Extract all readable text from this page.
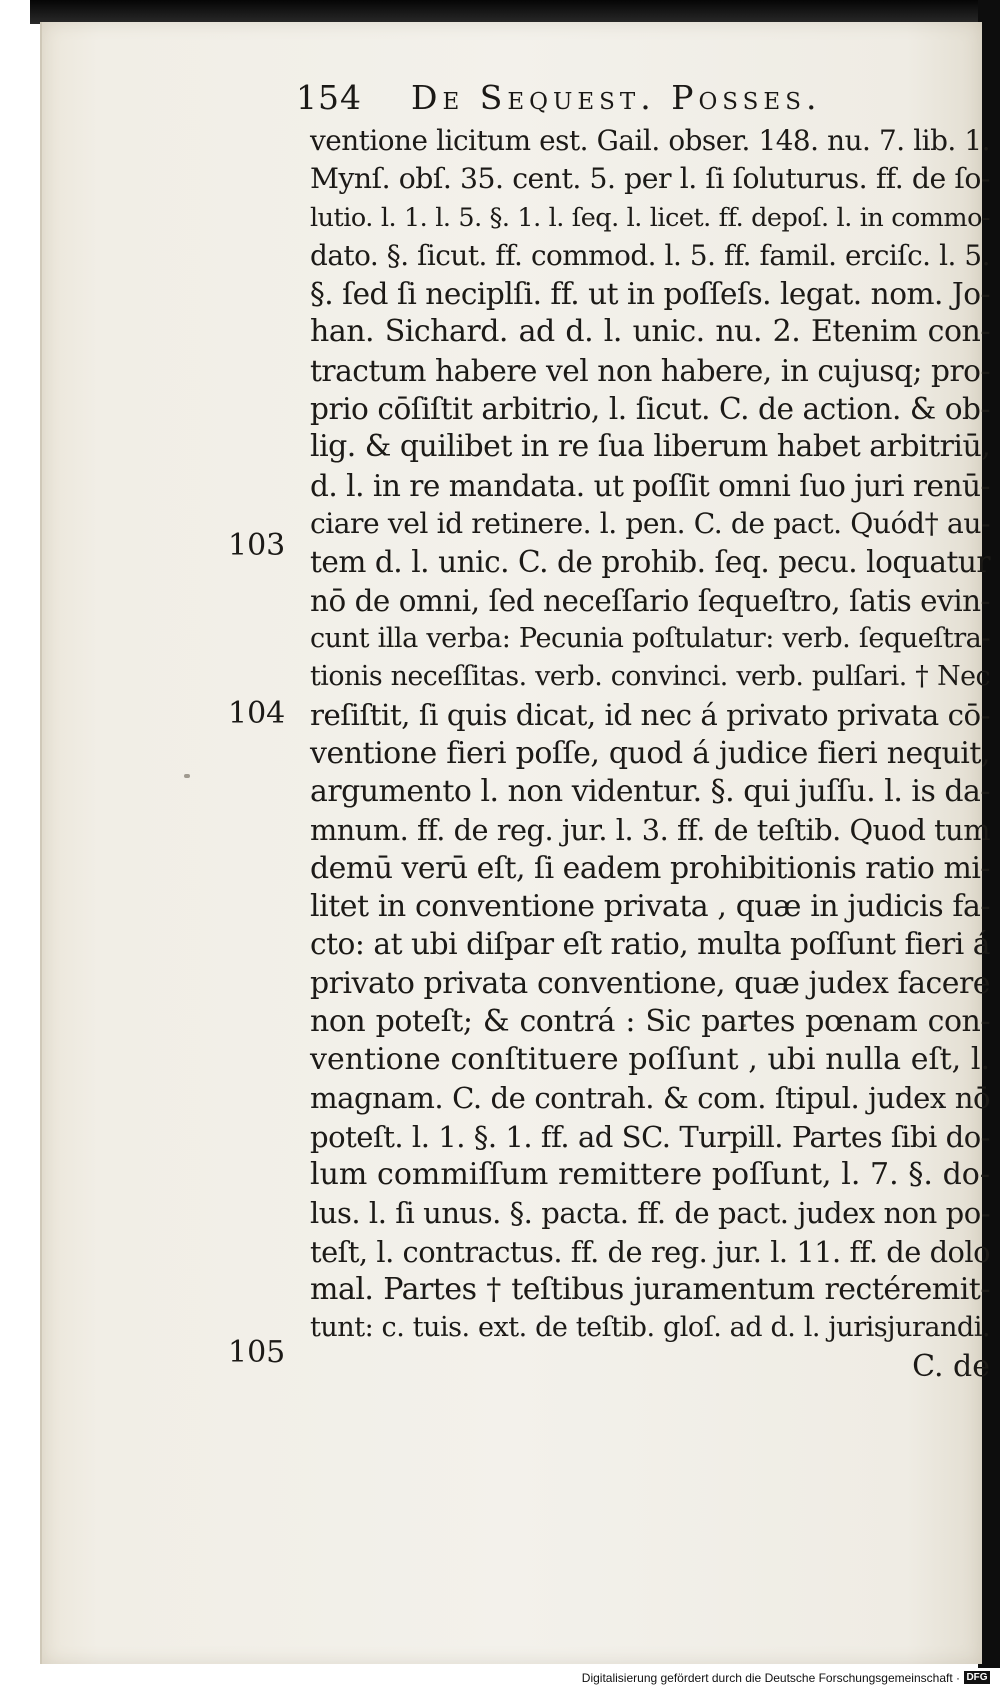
154 De Sequest. Posses.
103
104
105
ventione licitum est. Gail. obser. 148. nu. 7. lib. 1.
Mynſ. obſ. 35. cent. 5. per l. ſi ſoluturus. ff. de ſo-
lutio. l. 1. l. 5. §. 1. l. ſeq. l. licet. ff. depoſ. l. in commo-
dato. §. ſicut. ff. commod. l. 5. ff. famil. erciſc. l. 5.
§. ſed ſi neciplſi. ff. ut in poſſeſs. legat. nom. Jo-
han. Sichard. ad d. l. unic. nu. 2. Etenim con-
tractum habere vel non habere, in cujusq; pro-
prio cōſiſtit arbitrio, l. ſicut. C. de action. & ob-
lig. & quilibet in re ſua liberum habet arbitriū,
d. l. in re mandata. ut poſſit omni ſuo juri renū-
ciare vel id retinere. l. pen. C. de pact. Quód† au-
tem d. l. unic. C. de prohib. ſeq. pecu. loquatur
nō de omni, ſed neceſſario ſequeſtro, ſatis evin-
cunt illa verba: Pecunia poſtulatur: verb. ſequeſtra-
tionis neceſſitas. verb. convinci. verb. pulſari. † Nec
reſiſtit, ſi quis dicat, id nec á privato privata cō-
ventione fieri poſſe, quod á judice fieri nequit,
argumento l. non videntur. §. qui juſſu. l. is da-
mnum. ff. de reg. jur. l. 3. ff. de teſtib. Quod tum
demū verū eſt, ſi eadem prohibitionis ratio mi-
litet in conventione privata , quæ in judicis fa-
cto: at ubi diſpar eſt ratio, multa poſſunt fieri á
privato privata conventione, quæ judex facere
non poteſt; & contrá : Sic partes pœnam con-
ventione conſtituere poſſunt , ubi nulla eſt, l.
magnam. C. de contrah. & com. ſtipul. judex nō
poteſt. l. 1. §. 1. ff. ad SC. Turpill. Partes ſibi do-
lum commiſſum remittere poſſunt, l. 7. §. do-
lus. l. ſi unus. §. pacta. ff. de pact. judex non po-
teſt, l. contractus. ff. de reg. jur. l. 11. ff. de dolo
mal. Partes † teſtibus juramentum rectéremit-
tunt: c. tuis. ext. de teſtib. gloſ. ad d. l. jurisjurandi.
C. de
Digitalisierung gefördert durch die Deutsche Forschungsgemeinschaft · DFG
